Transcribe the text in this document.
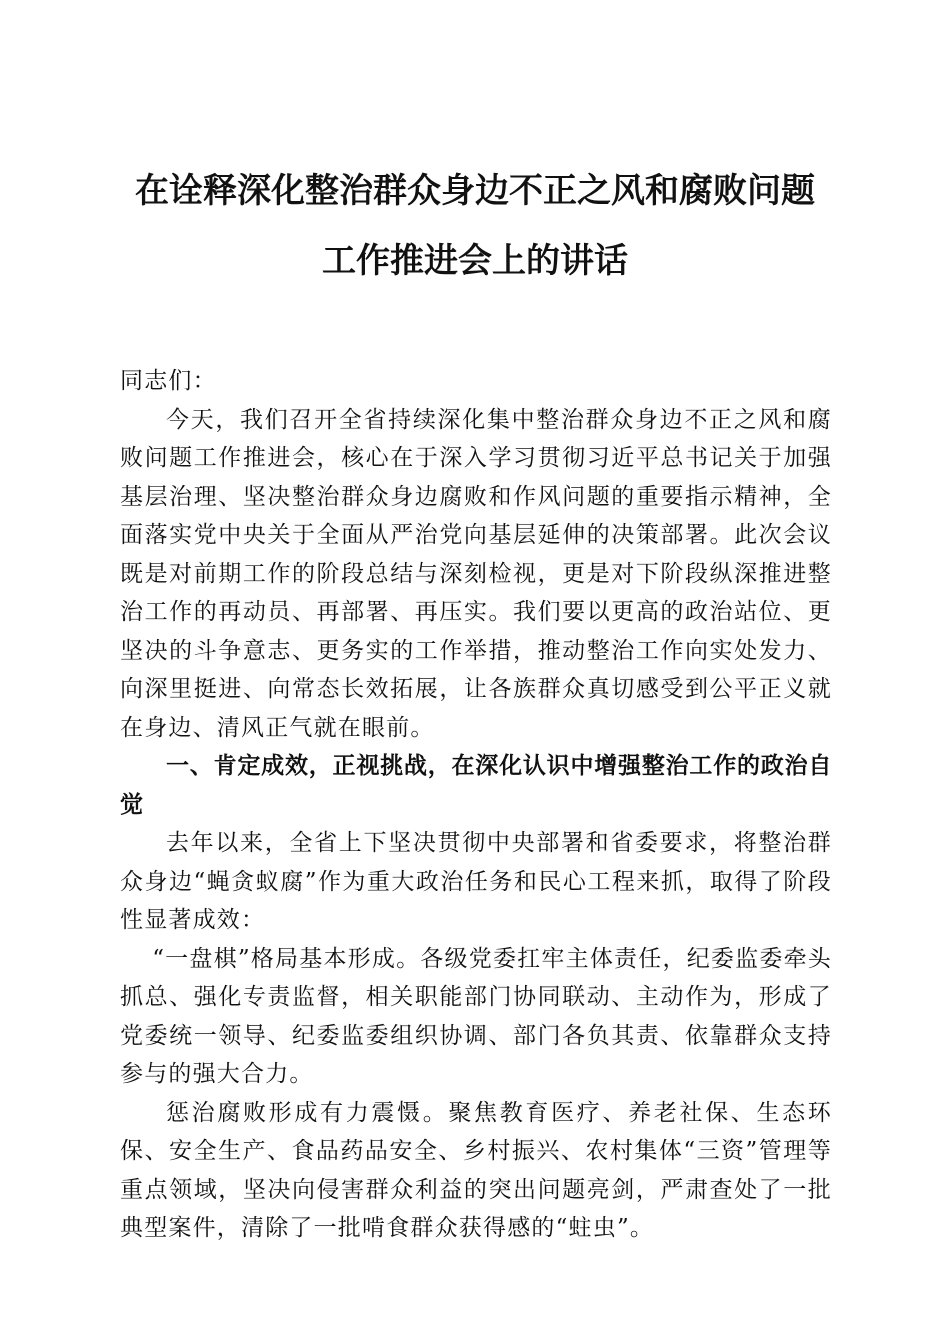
在诠释深化整治群众身边不正之风和腐败问题
工作推进会上的讲话

同志们：

今天，我们召开全省持续深化集中整治群众身边不正之风和腐败问题工作推进会，核心在于深入学习贯彻习近平总书记关于加强基层治理、坚决整治群众身边腐败和作风问题的重要指示精神，全面落实党中央关于全面从严治党向基层延伸的决策部署。此次会议既是对前期工作的阶段总结与深刻检视，更是对下阶段纵深推进整治工作的再动员、再部署、再压实。我们要以更高的政治站位、更坚决的斗争意志、更务实的工作举措，推动整治工作向实处发力、向深里挺进、向常态长效拓展，让各族群众真切感受到公平正义就在身边、清风正气就在眼前。

一、肯定成效，正视挑战，在深化认识中增强整治工作的政治自觉

去年以来，全省上下坚决贯彻中央部署和省委要求，将整治群众身边“蝇贪蚁腐”作为重大政治任务和民心工程来抓，取得了阶段性显著成效：

“一盘棋”格局基本形成。各级党委扛牢主体责任，纪委监委牵头抓总、强化专责监督，相关职能部门协同联动、主动作为，形成了党委统一领导、纪委监委组织协调、部门各负其责、依靠群众支持参与的强大合力。

惩治腐败形成有力震慑。聚焦教育医疗、养老社保、生态环保、安全生产、食品药品安全、乡村振兴、农村集体“三资”管理等重点领域，坚决向侵害群众利益的突出问题亮剑，严肃查处了一批典型案件，清除了一批啃食群众获得感的“蛀虫”。
